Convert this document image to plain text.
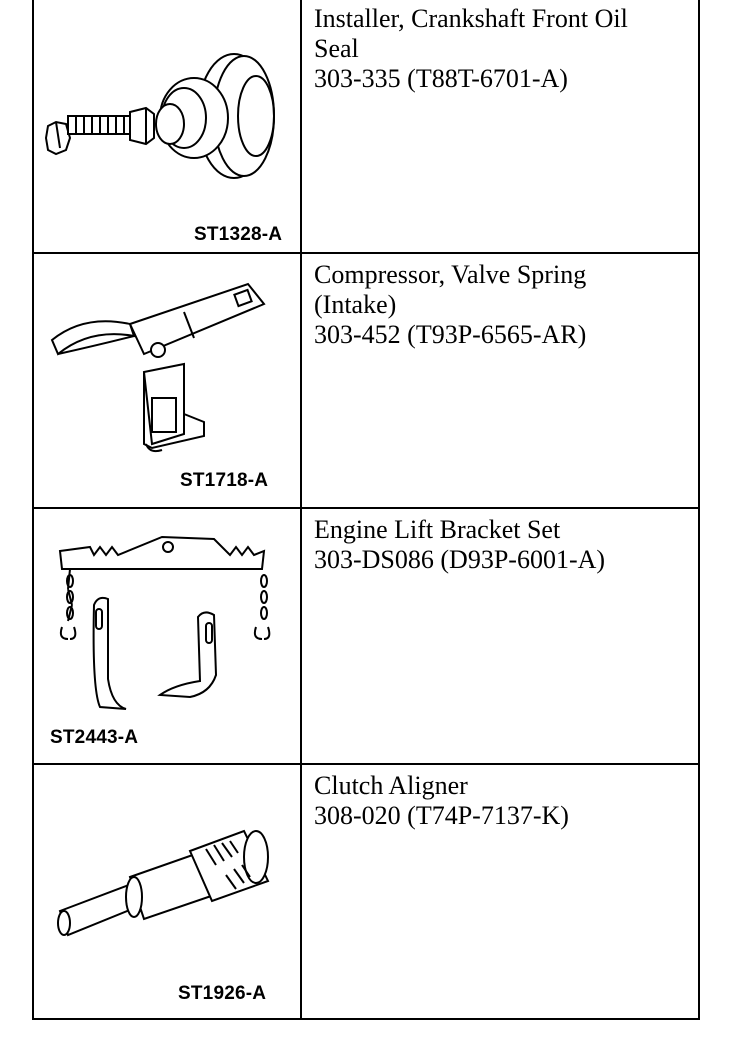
ST1328-A
Installer, Crankshaft Front Oil
Seal
303-335 (T88T-6701-A)
ST1718-A
Compressor, Valve Spring
(Intake)
303-452 (T93P-6565-AR)
ST2443-A
Engine Lift Bracket Set
303-DS086 (D93P-6001-A)
ST1926-A
Clutch Aligner
308-020 (T74P-7137-K)
